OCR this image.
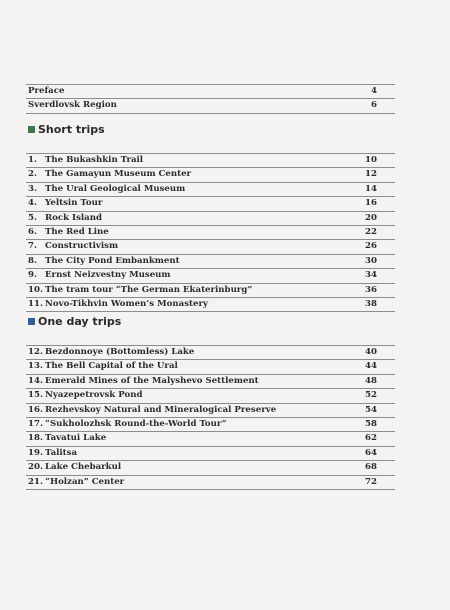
Preface	4
Sverdlovsk Region	6
Short trips
1. The Bukashkin Trail	10
2. The Gamayun Museum Center	12
3. The Ural Geological Museum	14
4. Yeltsin Tour	16
5. Rock Island	20
6. The Red Line	22
7. Constructivism	26
8. The City Pond Embankment	30
9. Ernst Neizvestny Museum	34
10. The tram tour “The German Ekaterinburg”	36
11. Novo-Tikhvin Women’s Monastery	38
One day trips
12. Bezdonnoye (Bottomless) Lake	40
13. The Bell Capital of the Ural	44
14. Emerald Mines of the Malyshevo Settlement	48
15. Nyazepetrovsk Pond	52
16. Rezhevskoy Natural and Mineralogical Preserve	54
17. “Sukholozhsk Round-the-World Tour”	58
18. Tavatui Lake	62
19. Talitsa	64
20. Lake Chebarkul	68
21. “Holzan” Center	72
